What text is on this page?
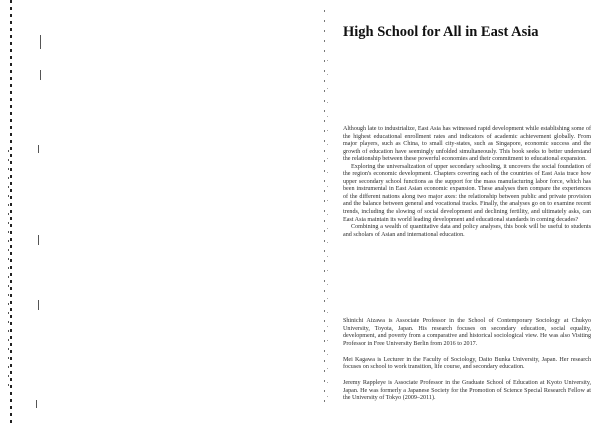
High School for All in East Asia

Although late to industrialize, East Asia has witnessed rapid development while establishing some of the highest educational enrollment rates and indicators of academic achievement globally. From major players, such as China, to small city-states, such as Singapore, economic success and the growth of education have seemingly unfolded simultaneously. This book seeks to better understand the relationship between these powerful economies and their commitment to educational expansion.

Exploring the universalization of upper secondary schooling, it uncovers the social foundation of the region's economic development. Chapters covering each of the countries of East Asia trace how upper secondary school functions as the support for the mass manufacturing labor force, which has been instrumental in East Asian economic expansion. These analyses then compare the experiences of the different nations along two major axes: the relationship between public and private provision and the balance between general and vocational tracks. Finally, the analyses go on to examine recent trends, including the slowing of social development and declining fertility, and ultimately asks, can East Asia maintain its world leading development and educational standards in coming decades?

Combining a wealth of quantitative data and policy analyses, this book will be useful to students and scholars of Asian and international education.

Shinichi Aizawa is Associate Professor in the School of Contemporary Sociology at Chukyo University, Toyota, Japan. His research focuses on secondary education, social equality, development, and poverty from a comparative and historical sociological view. He was also Visiting Professor in Free University Berlin from 2016 to 2017.

Mei Kagawa is Lecturer in the Faculty of Sociology, Daito Bunka University, Japan. Her research focuses on school to work transition, life course, and secondary education.

Jeremy Rappleye is Associate Professor in the Graduate School of Education at Kyoto University, Japan. He was formerly a Japanese Society for the Promotion of Science Special Research Fellow at the University of Tokyo (2009–2011).
